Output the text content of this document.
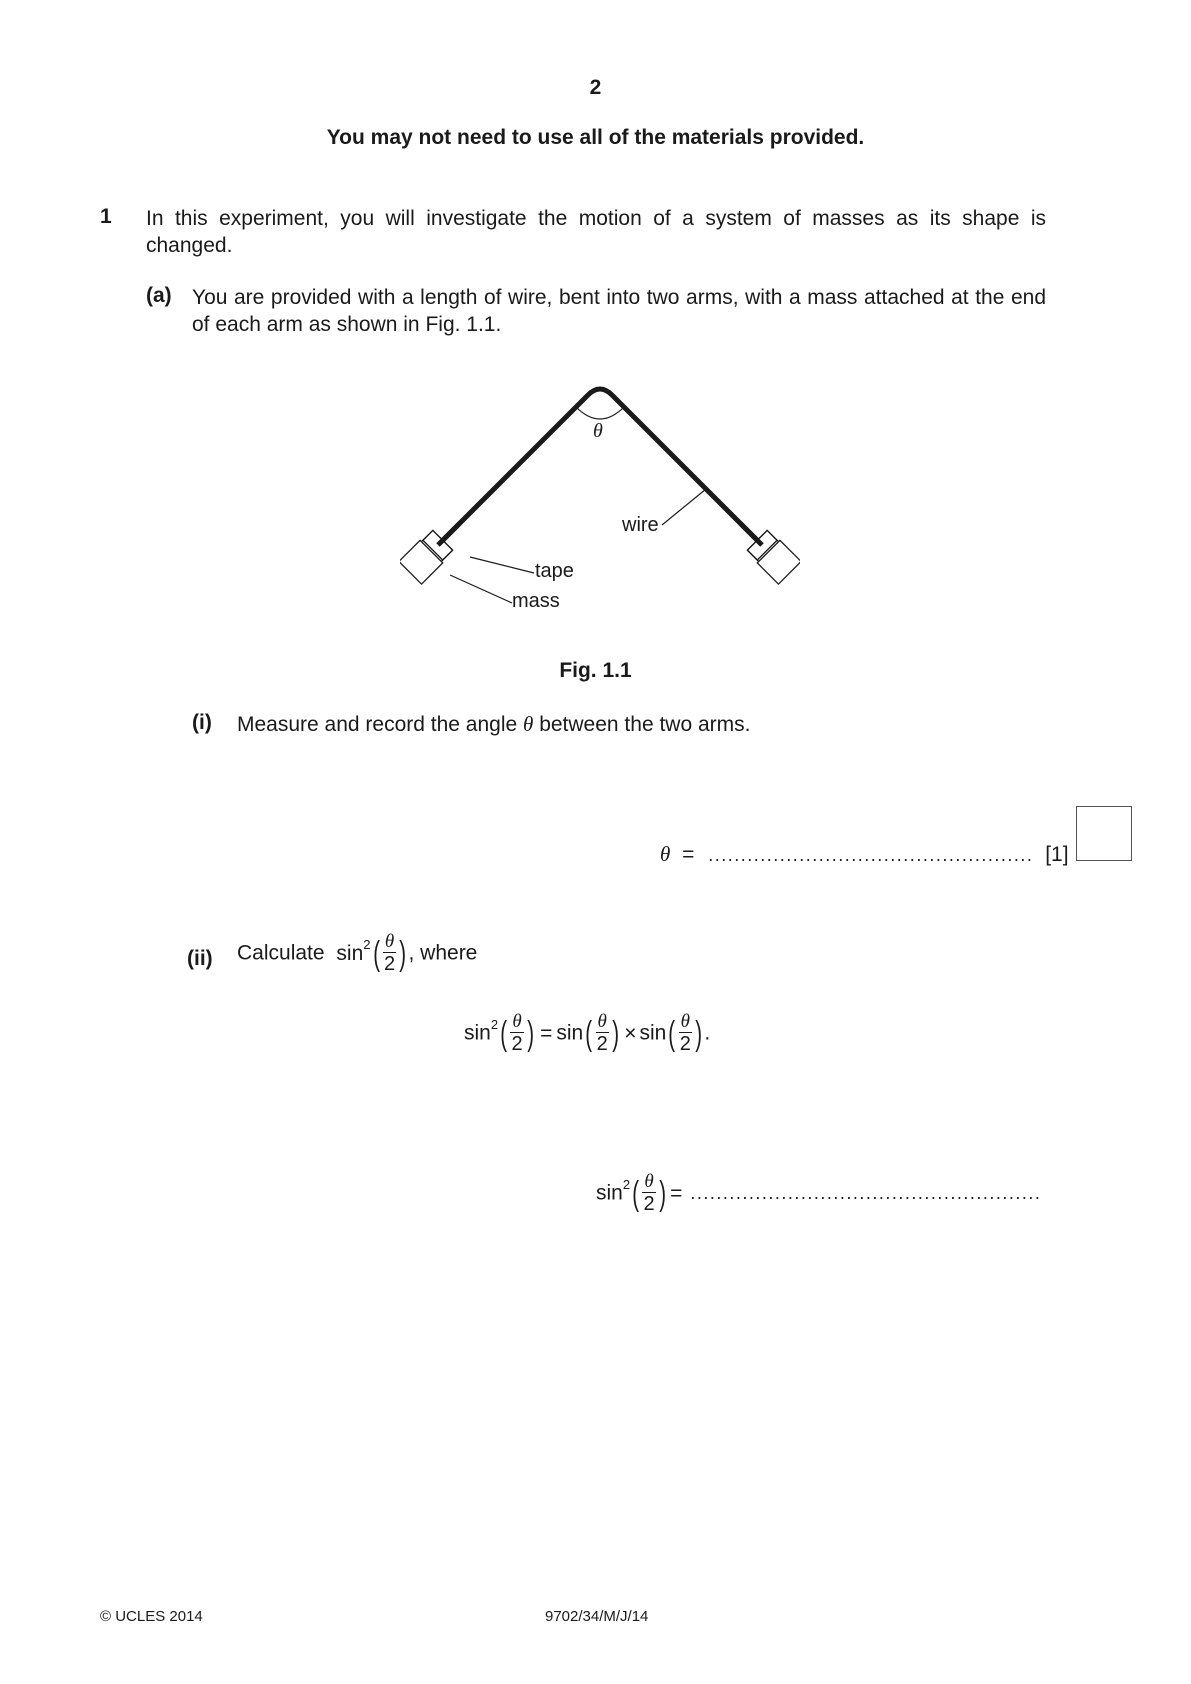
2
You may not need to use all of the materials provided.
1 In this experiment, you will investigate the motion of a system of masses as its shape is changed.
(a) You are provided with a length of wire, bent into two arms, with a mass attached at the end of each arm as shown in Fig. 1.1.
θ
wire
tape
mass
Fig. 1.1
(i) Measure and record the angle θ between the two arms.
θ = .................................................. [1]
(ii) Calculate $\sin^2( \frac{\theta}{2}$ ) , where
$\sin^2( \frac{\theta}{2}$ ) = $\sin( \frac{\theta}{2}$ ) × $\sin( \frac{\theta}{2}$ ) .
$\sin^2( \frac{\theta}{2}$ ) = ......................................................
© UCLES 2014	9702/34/M/J/14
